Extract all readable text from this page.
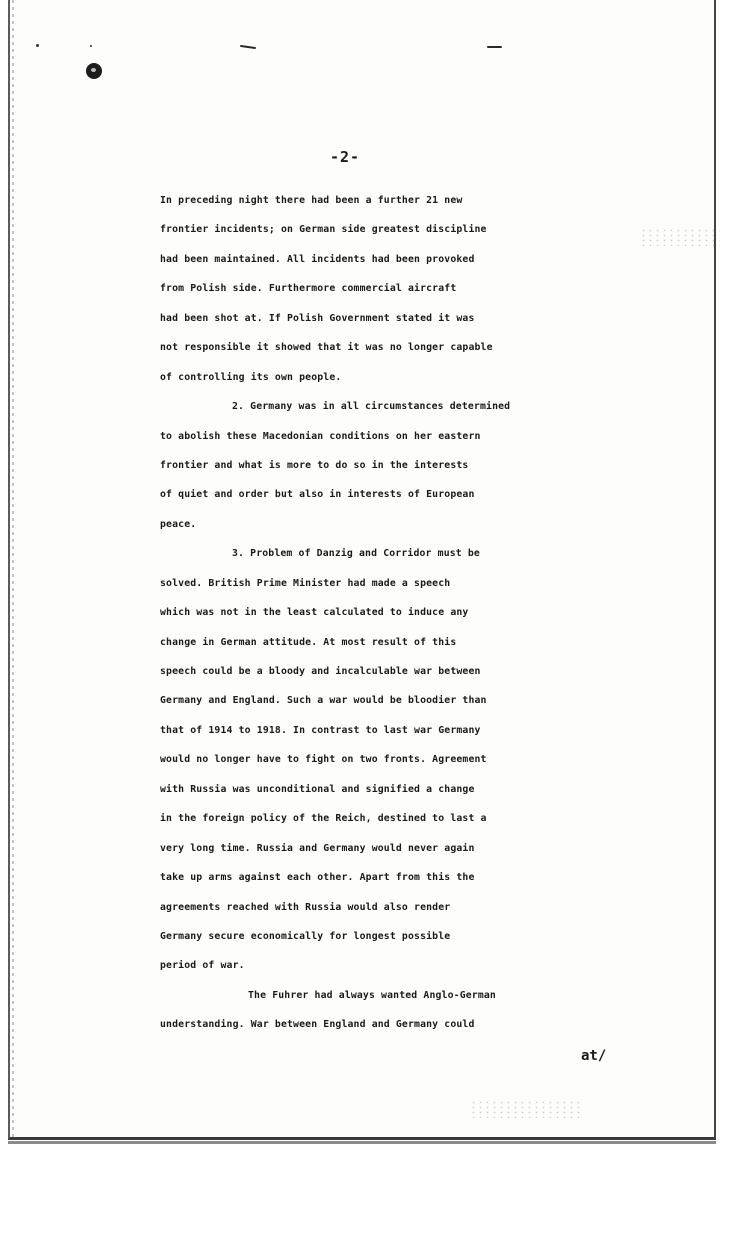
-2-
In preceding night there had been a further 21 new
frontier incidents; on German side greatest discipline
had been maintained. All incidents had been provoked
from Polish side. Furthermore commercial aircraft
had been shot at. If Polish Government stated it was
not responsible it showed that it was no longer capable
of controlling its own people.
2. Germany was in all circumstances determined
to abolish these Macedonian conditions on her eastern
frontier and what is more to do so in the interests
of quiet and order but also in interests of European
peace.
3. Problem of Danzig and Corridor must be
solved. British Prime Minister had made a speech
which was not in the least calculated to induce any
change in German attitude. At most result of this
speech could be a bloody and incalculable war between
Germany and England. Such a war would be bloodier than
that of 1914 to 1918. In contrast to last war Germany
would no longer have to fight on two fronts. Agreement
with Russia was unconditional and signified a change
in the foreign policy of the Reich, destined to last a
very long time. Russia and Germany would never again
take up arms against each other. Apart from this the
agreements reached with Russia would also render
Germany secure economically for longest possible
period of war.
The Fuhrer had always wanted Anglo-German
understanding. War between England and Germany could
at/
